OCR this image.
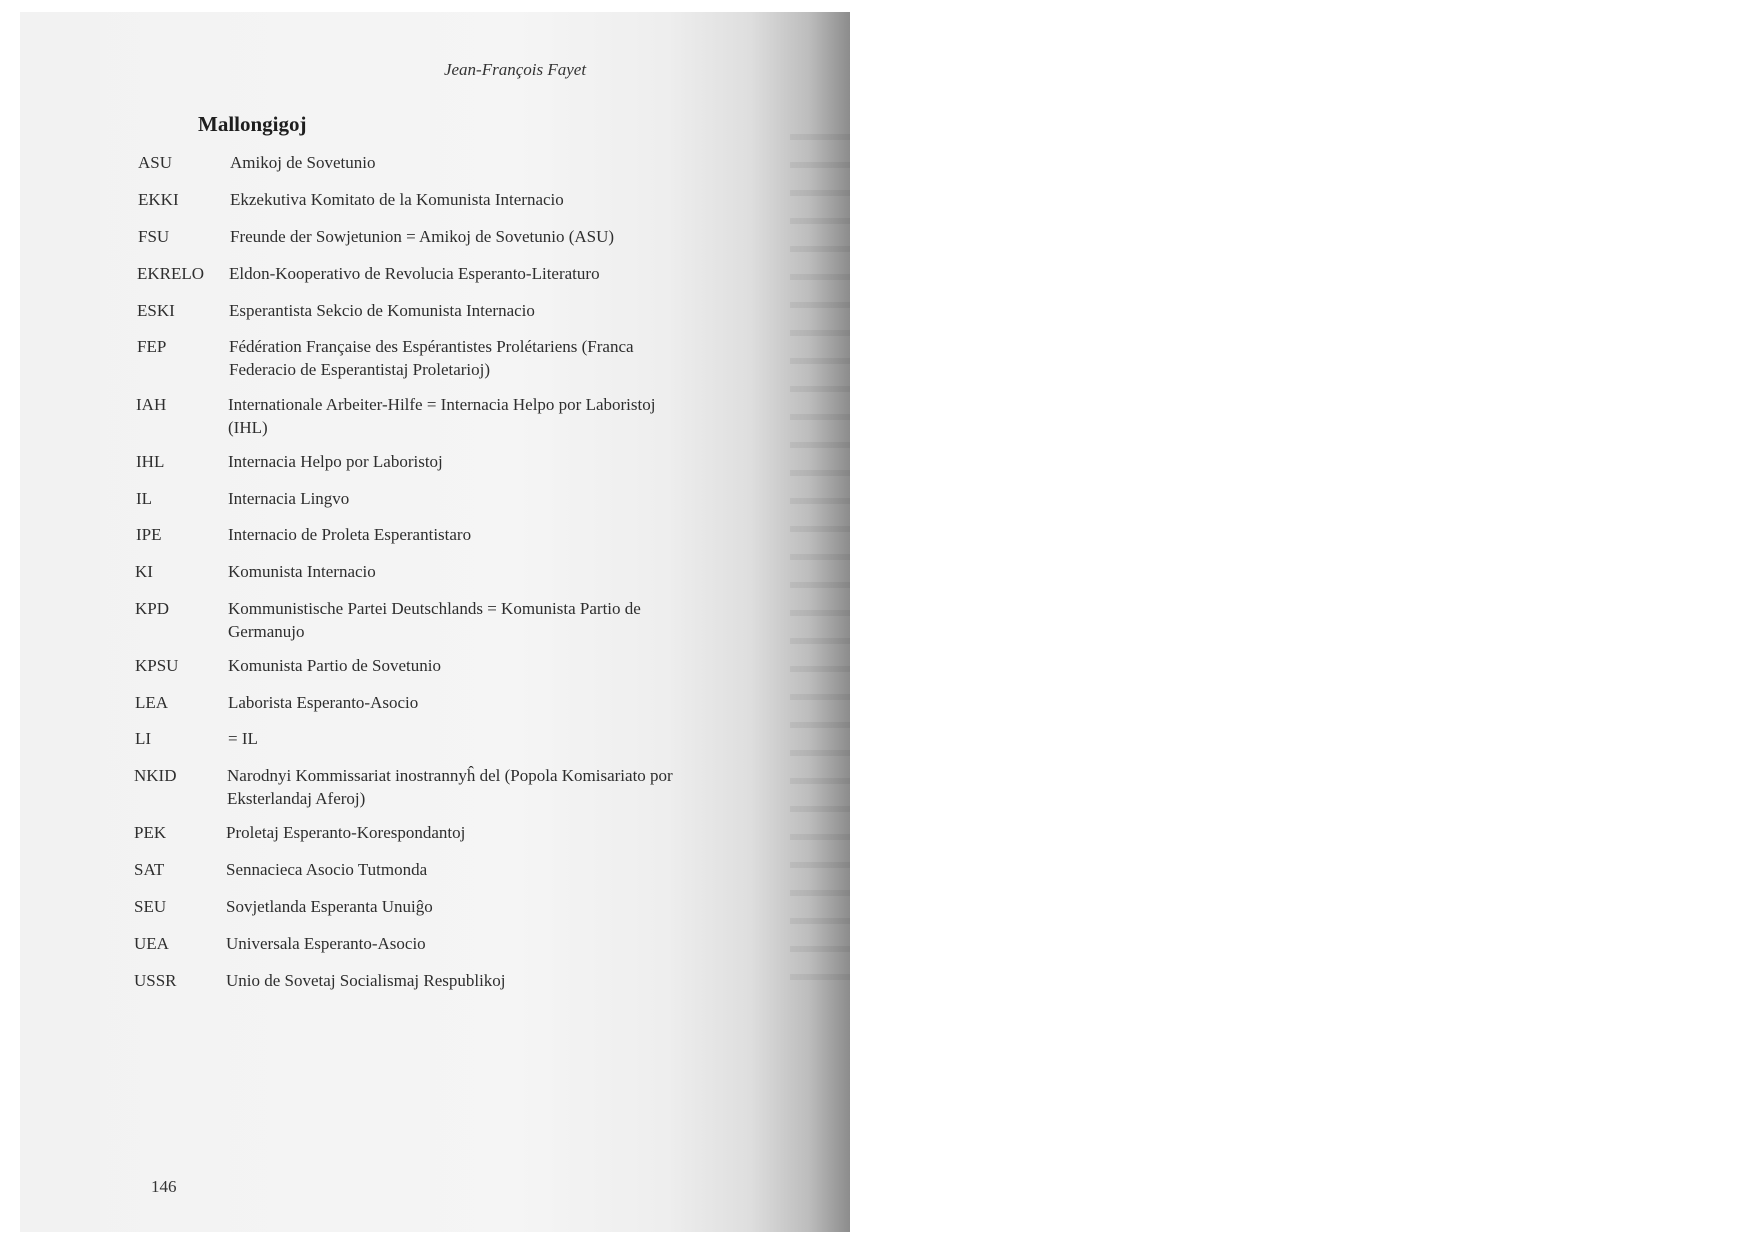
Jean-François Fayet
Mallongigoj
ASU	Amikoj de Sovetunio
EKKI	Ekzekutiva Komitato de la Komunista Internacio
FSU	Freunde der Sowjetunion = Amikoj de Sovetunio (ASU)
EKRELO Eldon-Kooperativo de Revolucia Esperanto-Literaturo
ESKI	Esperantista Sekcio de Komunista Internacio
FEP	Fédération Française des Espérantistes Prolétariens (Franca Federacio de Esperantistaj Proletarioj)
IAH	Internationale Arbeiter-Hilfe = Internacia Helpo por Laboristoj (IHL)
IHL	Internacia Helpo por Laboristoj
IL	Internacia Lingvo
IPE	Internacio de Proleta Esperantistaro
KI	Komunista Internacio
KPD	Kommunistische Partei Deutschlands = Komunista Partio de Germanujo
KPSU	Komunista Partio de Sovetunio
LEA	Laborista Esperanto-Asocio
LI	= IL
NKID	Narodnyi Kommissariat inostrannyĥ del (Popola Komisariato por Eksterlandaj Aferoj)
PEK	Proletaj Esperanto-Korespondantoj
SAT	Sennacieca Asocio Tutmonda
SEU	Sovjetlanda Esperanta Unuiĝo
UEA	Universala Esperanto-Asocio
USSR	Unio de Sovetaj Socialismaj Respublikoj
146
